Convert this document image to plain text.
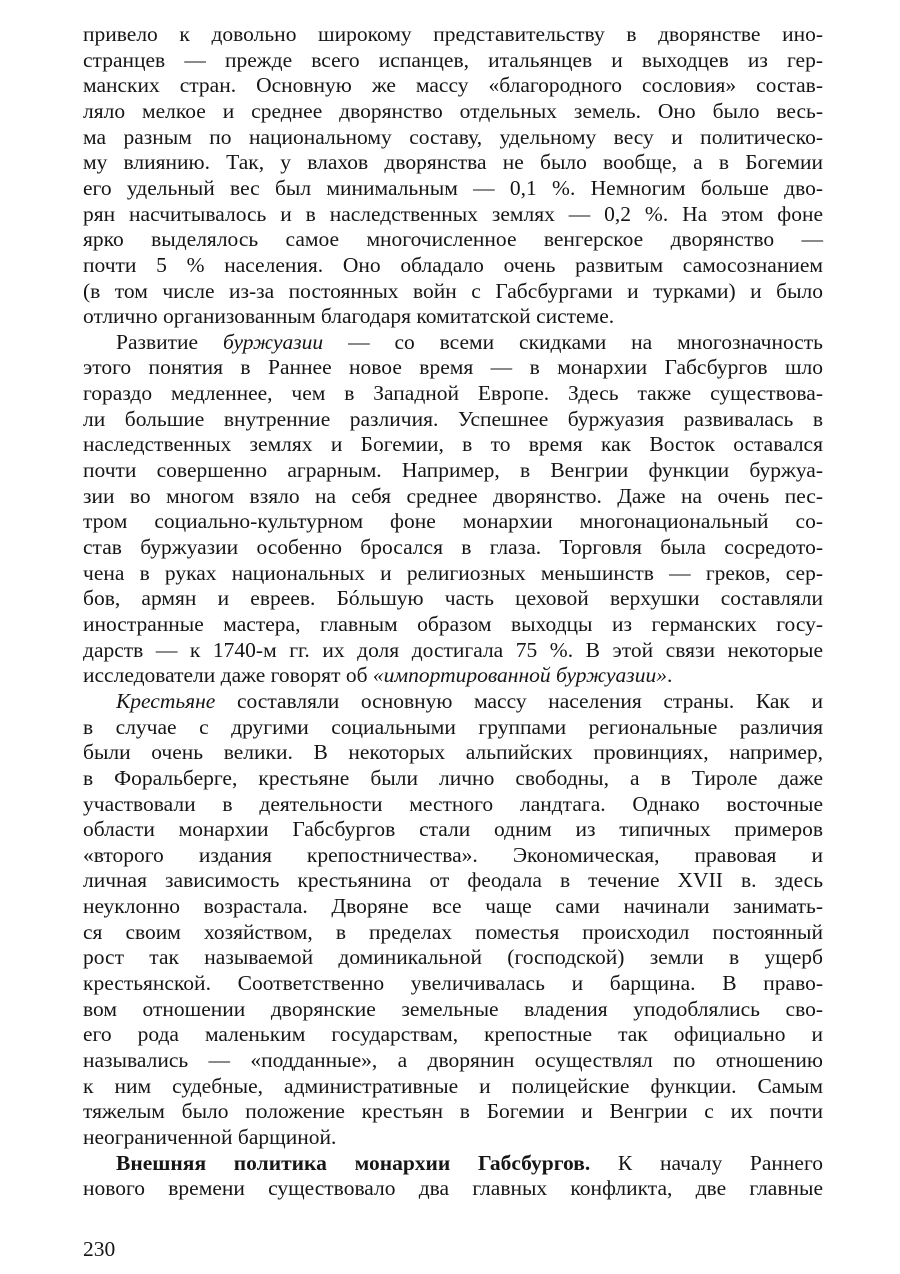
привело к довольно широкому представительству в дворянстве ино-
странцев — прежде всего испанцев, итальянцев и выходцев из гер-
манских стран. Основную же массу «благородного сословия» состав-
ляло мелкое и среднее дворянство отдельных земель. Оно было весь-
ма разным по национальному составу, удельному весу и политическо-
му влиянию. Так, у влахов дворянства не было вообще, а в Богемии
его удельный вес был минимальным — 0,1 %. Немногим больше дво-
рян насчитывалось и в наследственных землях — 0,2 %. На этом фоне
ярко выделялось самое многочисленное венгерское дворянство —
почти 5 % населения. Оно обладало очень развитым самосознанием
(в том числе из-за постоянных войн с Габсбургами и турками) и было
отлично организованным благодаря комитатской системе.
Развитие буржуазии — со всеми скидками на многозначность
этого понятия в Раннее новое время — в монархии Габсбургов шло
гораздо медленнее, чем в Западной Европе. Здесь также существова-
ли большие внутренние различия. Успешнее буржуазия развивалась в
наследственных землях и Богемии, в то время как Восток оставался
почти совершенно аграрным. Например, в Венгрии функции буржуа-
зии во многом взяло на себя среднее дворянство. Даже на очень пес-
тром социально-культурном фоне монархии многонациональный со-
став буржуазии особенно бросался в глаза. Торговля была сосредото-
чена в руках национальных и религиозных меньшинств — греков, сер-
бов, армян и евреев. Бóльшую часть цеховой верхушки составляли
иностранные мастера, главным образом выходцы из германских госу-
дарств — к 1740-м гг. их доля достигала 75 %. В этой связи некоторые
исследователи даже говорят об «импортированной буржуазии».
Крестьяне составляли основную массу населения страны. Как и
в случае с другими социальными группами региональные различия
были очень велики. В некоторых альпийских провинциях, например,
в Форальберге, крестьяне были лично свободны, а в Тироле даже
участвовали в деятельности местного ландтага. Однако восточные
области монархии Габсбургов стали одним из типичных примеров
«второго издания крепостничества». Экономическая, правовая и
личная зависимость крестьянина от феодала в течение XVII в. здесь
неуклонно возрастала. Дворяне все чаще сами начинали занимать-
ся своим хозяйством, в пределах поместья происходил постоянный
рост так называемой доминикальной (господской) земли в ущерб
крестьянской. Соответственно увеличивалась и барщина. В право-
вом отношении дворянские земельные владения уподоблялись сво-
его рода маленьким государствам, крепостные так официально и
назывались — «подданные», а дворянин осуществлял по отношению
к ним судебные, административные и полицейские функции. Самым
тяжелым было положение крестьян в Богемии и Венгрии с их почти
неограниченной барщиной.
Внешняя политика монархии Габсбургов. К началу Раннего
нового времени существовало два главных конфликта, две главные
230
